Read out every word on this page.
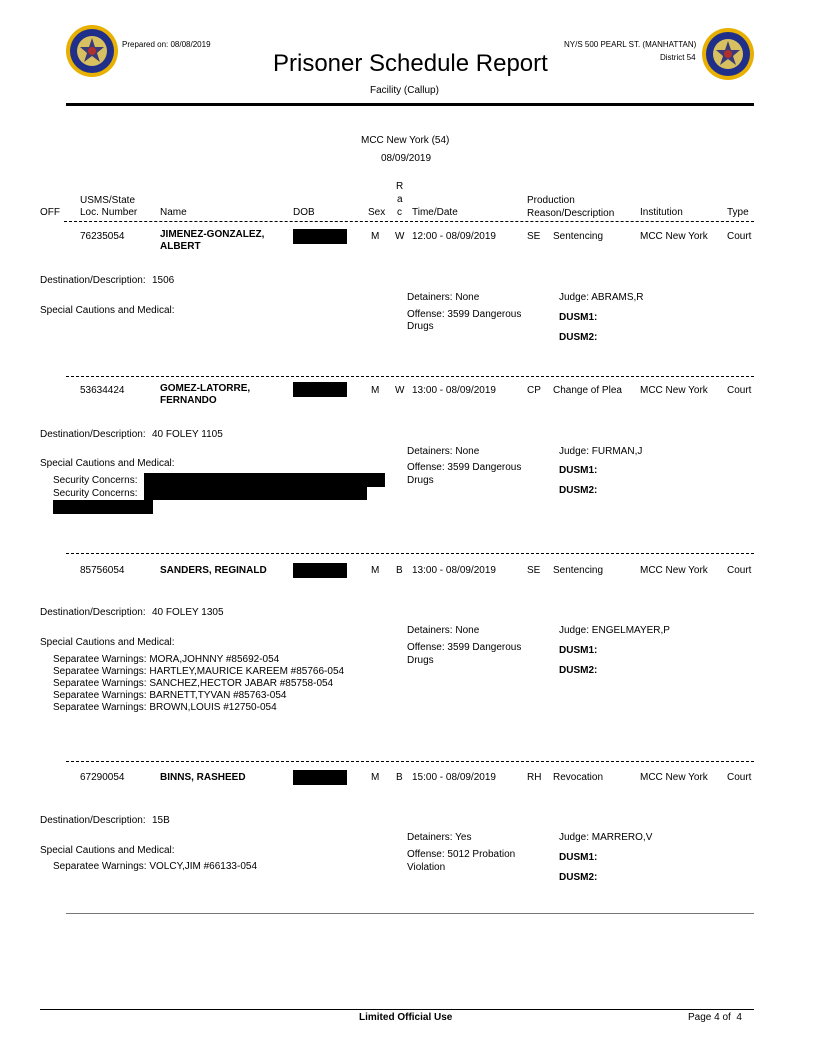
Prepared on: 08/08/2019
Prisoner Schedule Report
Facility (Callup)
NY/S 500 PEARL ST. (MANHATTAN)
District 54
MCC New York (54)
08/09/2019
OFF
USMS/State
Loc. Number Name	DOB	Sex
R
a
c Time/Date
Production
Reason/Description	Institution	Type
76235054	JIMENEZ-GONZALEZ,
ALBERT
M W 12:00 - 08/09/2019	SE Sentencing	MCC New York Court
Destination/Description: 1506
Detainers: None	Judge: ABRAMS,R
Special Cautions and Medical:	Offense: 3599 Dangerous
Drugs
DUSM1:
DUSM2:
53634424	GOMEZ-LATORRE,
FERNANDO
M W 13:00 - 08/09/2019	CP Change of Plea MCC New York Court
Destination/Description: 40 FOLEY 1105
Detainers: None	Judge: FURMAN,J
Special Cautions and Medical:	Offense: 3599 Dangerous
Drugs
DUSM1:
DUSM2:
Security Concerns:
Security Concerns:
85756054	SANDERS, REGINALD	M B 13:00 - 08/09/2019	SE Sentencing	MCC New York Court
Destination/Description: 40 FOLEY 1305
Detainers: None	Judge: ENGELMAYER,P
Special Cautions and Medical:	Offense: 3599 Dangerous
Drugs
DUSM1:
DUSM2:
Separatee Warnings: MORA,JOHNNY #85692-054
Separatee Warnings: HARTLEY,MAURICE KAREEM #85766-054
Separatee Warnings: SANCHEZ,HECTOR JABAR #85758-054
Separatee Warnings: BARNETT,TYVAN #85763-054
Separatee Warnings: BROWN,LOUIS #12750-054
67290054	BINNS, RASHEED	M B 15:00 - 08/09/2019	RH Revocation	MCC New York Court
Destination/Description: 15B
Detainers: Yes	Judge: MARRERO,V
Special Cautions and Medical:	Offense: 5012 Probation
Violation
DUSM1:
DUSM2:
Separatee Warnings: VOLCY,JIM #66133-054
Limited Official Use	Page 4 of  4
